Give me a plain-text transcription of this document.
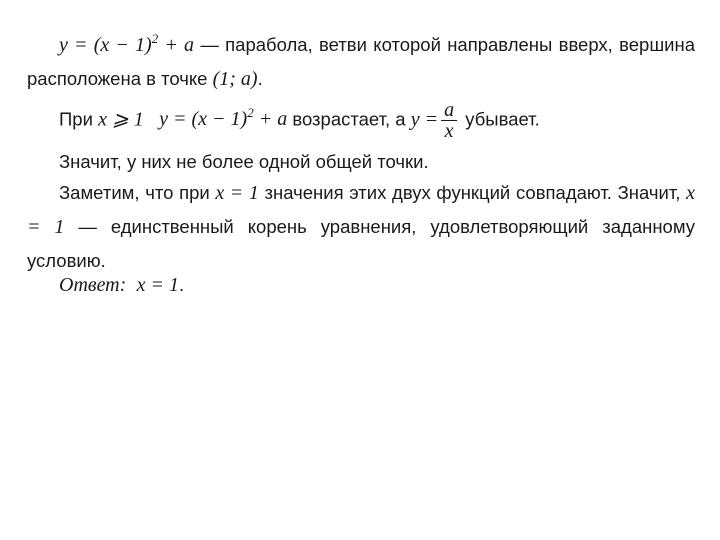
$y = (x - 1)^2 + a$ — парабола, ветви которой направлены вверх, вершина расположена в точке (1; a).

При x ⩾ 1 $y = (x - 1)^2 + a$ возрастает, а $y = \frac{a}{x}$ убывает.

Значит, у них не более одной общей точки.

Заметим, что при x = 1 значения этих двух функций совпадают. Значит, x = 1 — единственный корень уравнения, удовлетворяющий заданному условию.

Ответ: x = 1.
